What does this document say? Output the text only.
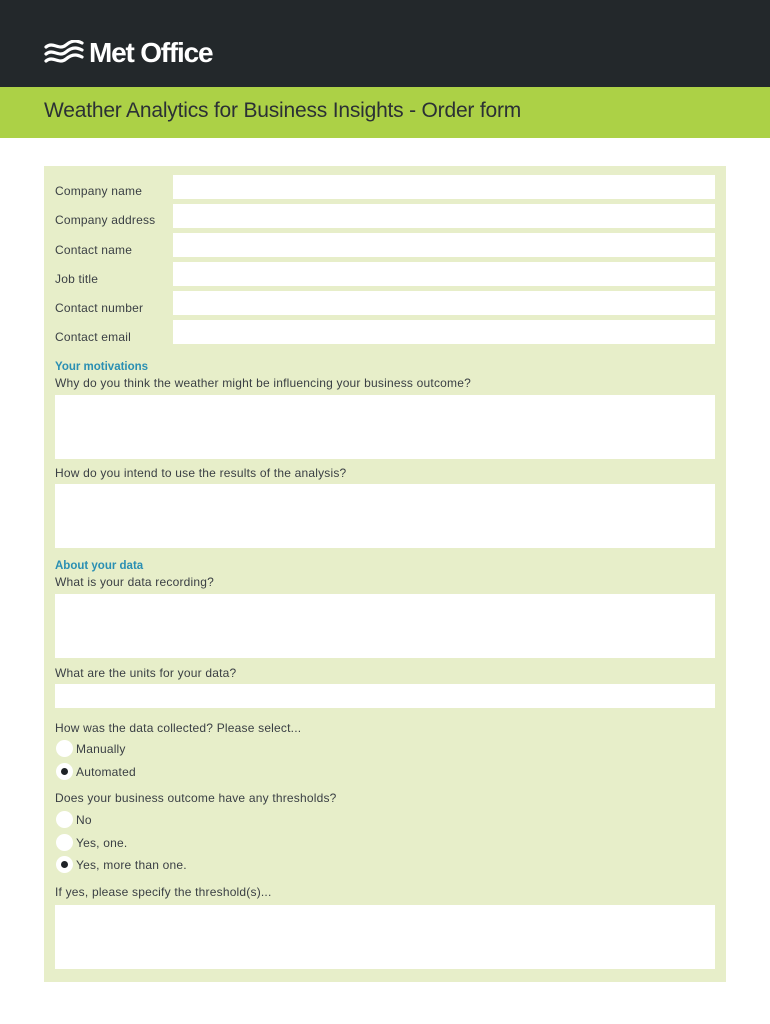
Met Office
Weather Analytics for Business Insights - Order form
Company name
Company address
Contact name
Job title
Contact number
Contact email
Your motivations
Why do you think the weather might be influencing your business outcome?
How do you intend to use the results of the analysis?
About your data
What is your data recording?
What are the units for your data?
How was the data collected? Please select...
Manually
Automated
Does your business outcome have any thresholds?
No
Yes, one.
Yes, more than one.
If yes, please specify the threshold(s)...
